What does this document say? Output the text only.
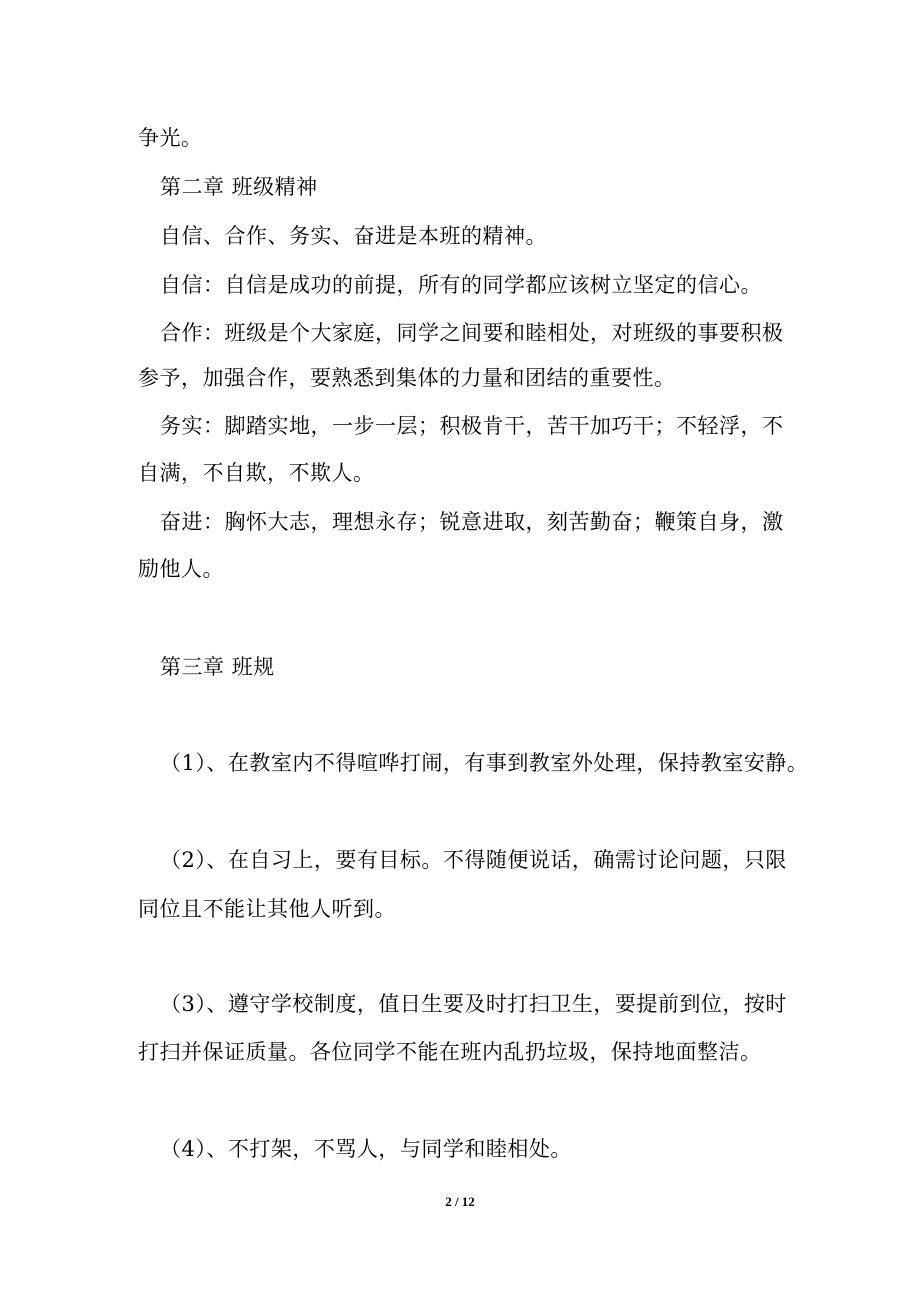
争光。
第二章 班级精神
自信、合作、务实、奋进是本班的精神。
自信：自信是成功的前提，所有的同学都应该树立坚定的信心。
合作：班级是个大家庭，同学之间要和睦相处，对班级的事要积极
参予，加强合作，要熟悉到集体的力量和团结的重要性。
务实：脚踏实地，一步一层；积极肯干，苦干加巧干；不轻浮，不
自满，不自欺，不欺人。
奋进：胸怀大志，理想永存；锐意进取，刻苦勤奋；鞭策自身，激
励他人。
第三章 班规
（1）、在教室内不得喧哗打闹，有事到教室外处理，保持教室安静。
（2）、在自习上，要有目标。不得随便说话，确需讨论问题，只限
同位且不能让其他人听到。
（3）、遵守学校制度，值日生要及时打扫卫生，要提前到位，按时
打扫并保证质量。各位同学不能在班内乱扔垃圾，保持地面整洁。
（4）、不打架，不骂人，与同学和睦相处。
2 / 12
